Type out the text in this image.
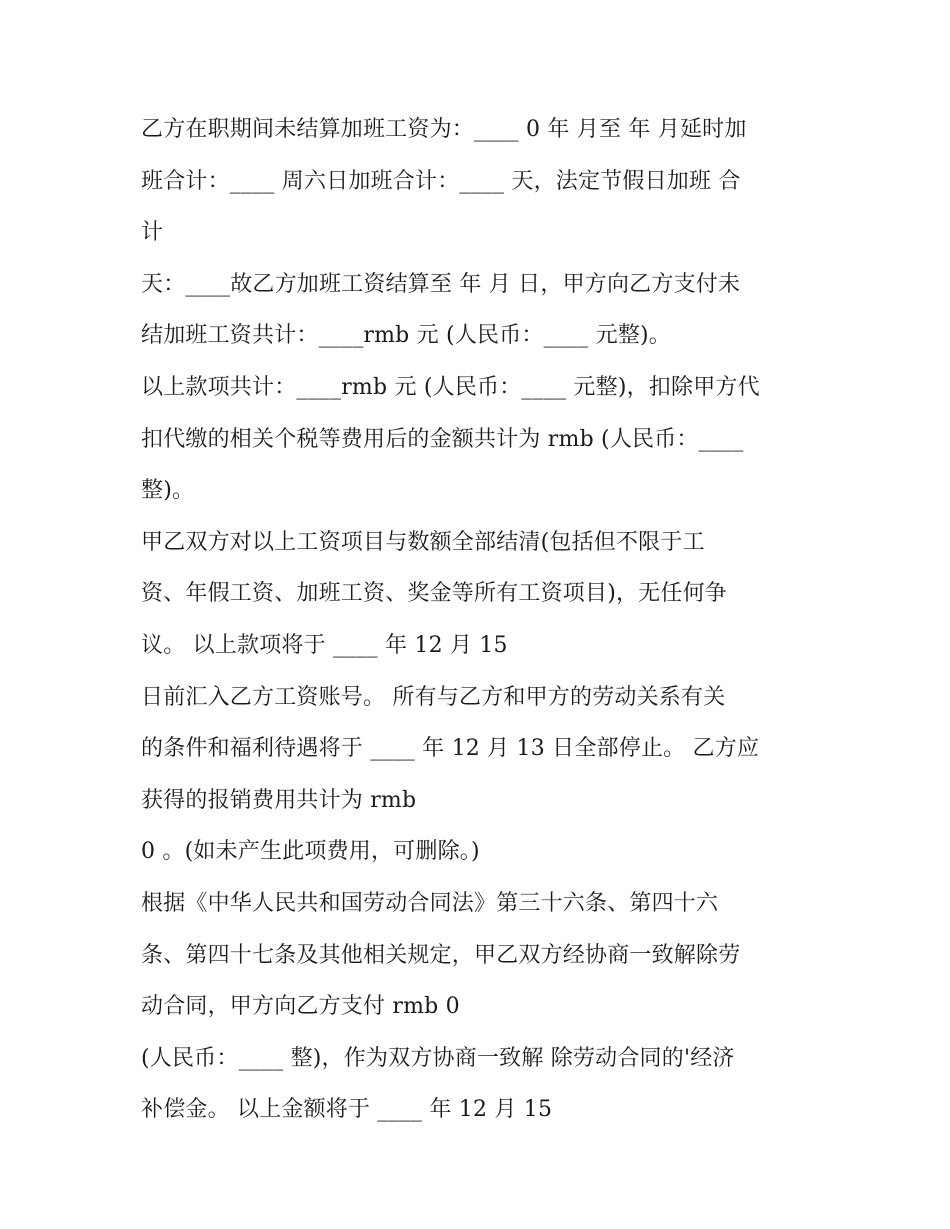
乙方在职期间未结算加班工资为：____ 0 年 月至 年 月延时加
班合计：____ 周六日加班合计：____ 天，法定节假日加班 合
计
天：____故乙方加班工资结算至 年 月 日，甲方向乙方支付未
结加班工资共计：____rmb 元 (人民币：____ 元整)。
以上款项共计：____rmb 元 (人民币：____ 元整)，扣除甲方代
扣代缴的相关个税等费用后的金额共计为 rmb (人民币：____
整)。
甲乙双方对以上工资项目与数额全部结清(包括但不限于工
资、年假工资、加班工资、奖金等所有工资项目)，无任何争
议。 以上款项将于 ____ 年 12 月 15
日前汇入乙方工资账号。 所有与乙方和甲方的劳动关系有关
的条件和福利待遇将于 ____ 年 12 月 13 日全部停止。 乙方应
获得的报销费用共计为 rmb
0 。(如未产生此项费用，可删除。)
根据《中华人民共和国劳动合同法》第三十六条、第四十六
条、第四十七条及其他相关规定，甲乙双方经协商一致解除劳
动合同，甲方向乙方支付 rmb 0
(人民币：____ 整)，作为双方协商一致解 除劳动合同的'经济
补偿金。 以上金额将于 ____ 年 12 月 15
